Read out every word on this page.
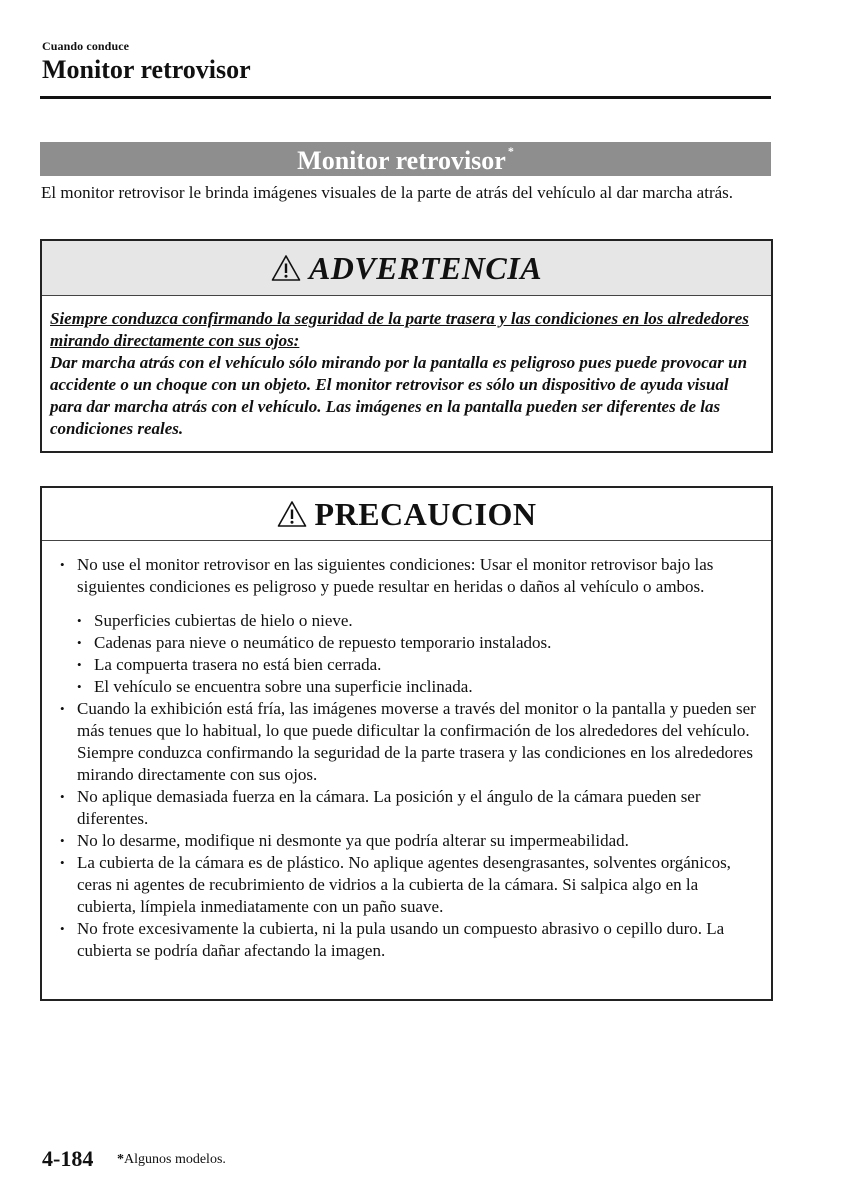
Cuando conduce
Monitor retrovisor
Monitor retrovisor *
El monitor retrovisor le brinda imágenes visuales de la parte de atrás del vehículo al dar marcha atrás.
ADVERTENCIA
Siempre conduzca confirmando la seguridad de la parte trasera y las condiciones en los alrededores mirando directamente con sus ojos:
Dar marcha atrás con el vehículo sólo mirando por la pantalla es peligroso pues puede provocar un accidente o un choque con un objeto. El monitor retrovisor es sólo un dispositivo de ayuda visual para dar marcha atrás con el vehículo. Las imágenes en la pantalla pueden ser diferentes de las condiciones reales.
PRECAUCION
• No use el monitor retrovisor en las siguientes condiciones: Usar el monitor retrovisor bajo las siguientes condiciones es peligroso y puede resultar en heridas o daños al vehículo o ambos.
• Superficies cubiertas de hielo o nieve.
• Cadenas para nieve o neumático de repuesto temporario instalados.
• La compuerta trasera no está bien cerrada.
• El vehículo se encuentra sobre una superficie inclinada.
• Cuando la exhibición está fría, las imágenes moverse a través del monitor o la pantalla y pueden ser más tenues que lo habitual, lo que puede dificultar la confirmación de los alrededores del vehículo. Siempre conduzca confirmando la seguridad de la parte trasera y las condiciones en los alrededores mirando directamente con sus ojos.
• No aplique demasiada fuerza en la cámara. La posición y el ángulo de la cámara pueden ser diferentes.
• No lo desarme, modifique ni desmonte ya que podría alterar su impermeabilidad.
• La cubierta de la cámara es de plástico. No aplique agentes desengrasantes, solventes orgánicos, ceras ni agentes de recubrimiento de vidrios a la cubierta de la cámara. Si salpica algo en la cubierta, límpiela inmediatamente con un paño suave.
• No frote excesivamente la cubierta, ni la pula usando un compuesto abrasivo o cepillo duro. La cubierta se podría dañar afectando la imagen.
4-184 *Algunos modelos.
